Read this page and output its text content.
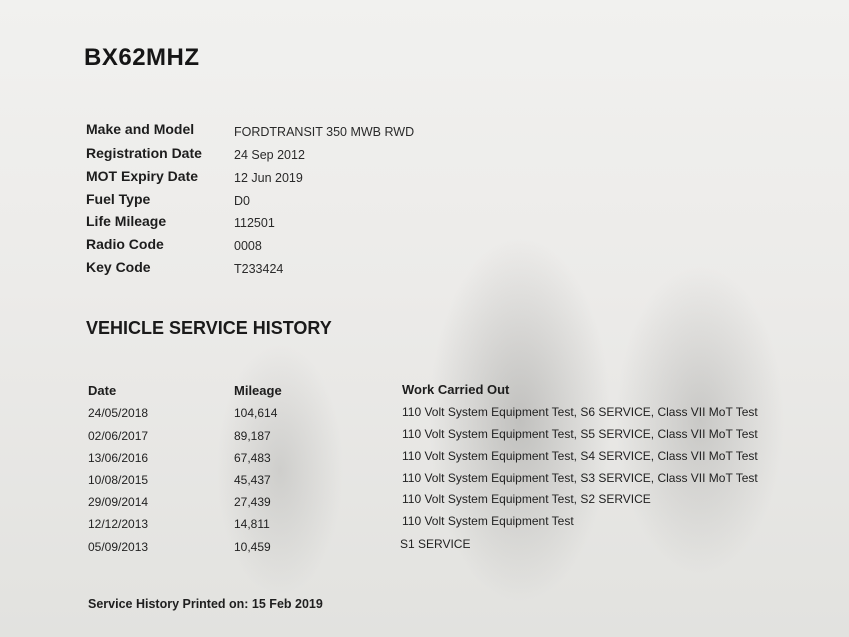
BX62MHZ
Make and Model	FORDTRANSIT 350 MWB RWD
Registration Date	24 Sep 2012
MOT Expiry Date	12 Jun 2019
Fuel Type	D0
Life Mileage	112501
Radio Code	0008
Key Code	T233424
VEHICLE SERVICE HISTORY
Date	Mileage	Work Carried Out
24/05/2018	104,614	110 Volt System Equipment Test, S6 SERVICE, Class VII MoT Test
02/06/2017	89,187	110 Volt System Equipment Test, S5 SERVICE, Class VII MoT Test
13/06/2016	67,483	110 Volt System Equipment Test, S4 SERVICE, Class VII MoT Test
10/08/2015	45,437	110 Volt System Equipment Test, S3 SERVICE, Class VII MoT Test
29/09/2014	27,439	110 Volt System Equipment Test, S2 SERVICE
12/12/2013	14,811	110 Volt System Equipment Test
05/09/2013	10,459	S1 SERVICE
Service History Printed on: 15 Feb 2019
